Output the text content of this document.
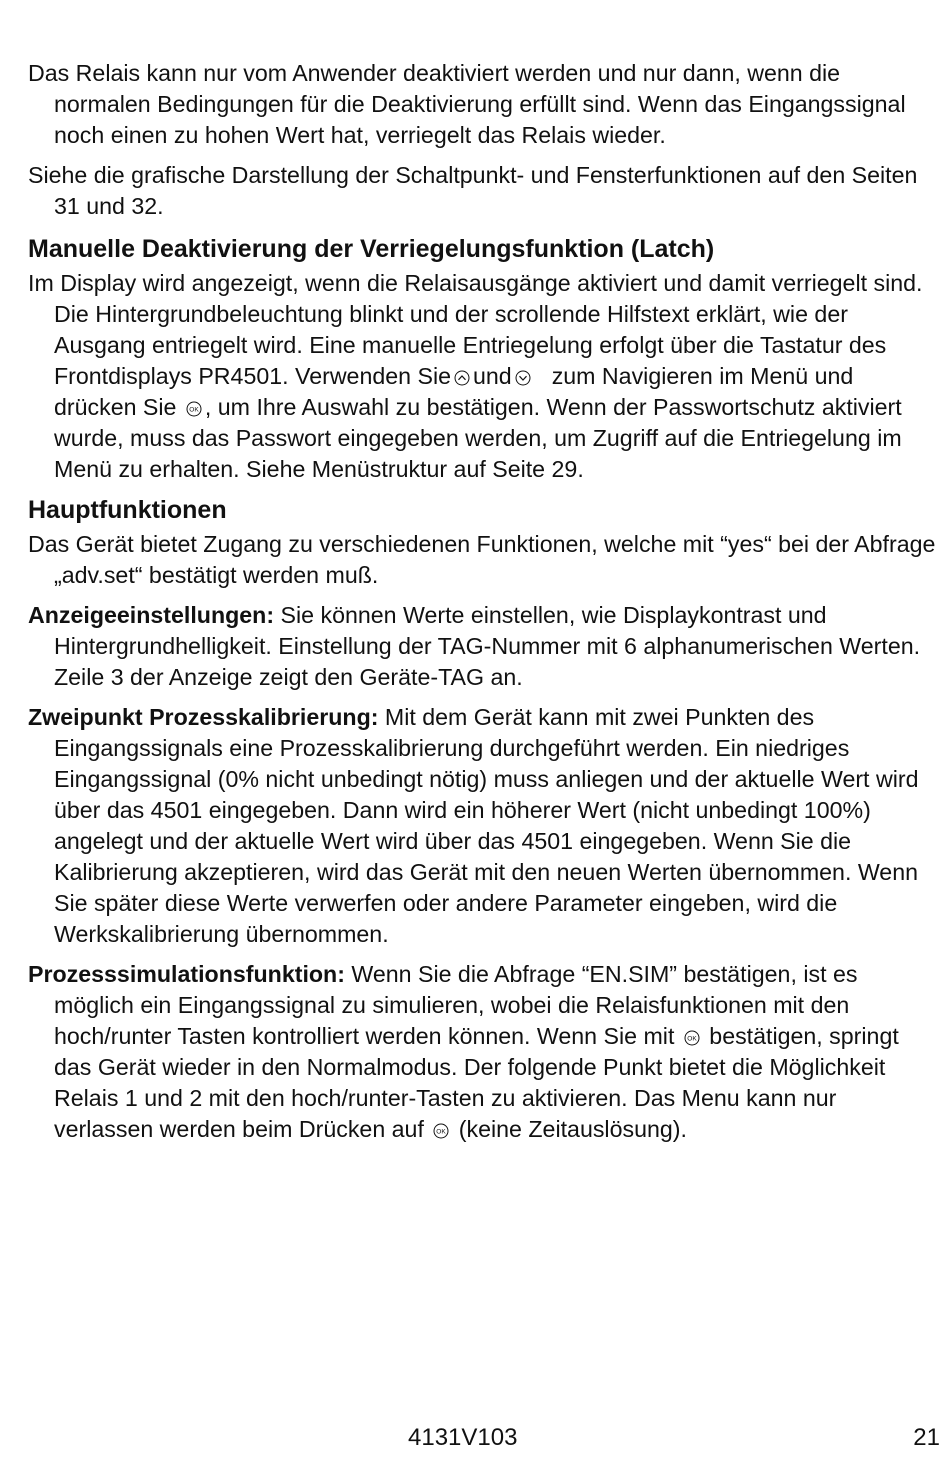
Das Relais kann nur vom Anwender deaktiviert werden und nur dann, wenn die normalen Bedingungen für die Deaktivierung erfüllt sind. Wenn das Eingangssignal noch einen zu hohen Wert hat, verriegelt das Relais wieder.

Siehe die grafische Darstellung der Schaltpunkt- und Fensterfunktionen auf den Seiten 31 und 32.

Manuelle Deaktivierung der Verriegelungsfunktion (Latch)

Im Display wird angezeigt, wenn die Relaisausgänge aktiviert und damit verriegelt sind. Die Hintergrundbeleuchtung blinkt und der scrollende Hilfstext erklärt, wie der Ausgang entriegelt wird. Eine manuelle Entriegelung erfolgt über die Tastatur des Frontdisplays PR4501. Verwenden Sie und zum Navigieren im Menü und drücken Sie OK , um Ihre Auswahl zu bestätigen. Wenn der Passwortschutz aktiviert wurde, muss das Passwort eingegeben werden, um Zugriff auf die Entriegelung im Menü zu erhalten. Siehe Menüstruktur auf Seite 29.

Hauptfunktionen

Das Gerät bietet Zugang zu verschiedenen Funktionen, welche mit “yes“ bei der Abfrage „adv.set“ bestätigt werden muß.

Anzeigeeinstellungen: Sie können Werte einstellen, wie Displaykontrast und Hintergrundhelligkeit. Einstellung der TAG-Nummer mit 6 alphanumerischen Werten. Zeile 3 der Anzeige zeigt den Geräte-TAG an.

Zweipunkt Prozesskalibrierung: Mit dem Gerät kann mit zwei Punkten des Eingangssignals eine Prozesskalibrierung durchgeführt werden. Ein niedriges Eingangssignal (0% nicht unbedingt nötig) muss anliegen und der aktuelle Wert wird über das 4501 eingegeben. Dann wird ein höherer Wert (nicht unbedingt 100%) angelegt und der aktuelle Wert wird über das 4501 eingegeben. Wenn Sie die Kalibrierung akzeptieren, wird das Gerät mit den neuen Werten übernommen. Wenn Sie später diese Werte verwerfen oder andere Parameter eingeben, wird die Werkskalibrierung übernommen.

Prozesssimulationsfunktion: Wenn Sie die Abfrage “EN.SIM” bestätigen, ist es möglich ein Eingangssignal zu simulieren, wobei die Relaisfunktionen mit den hoch/runter Tasten kontrolliert werden können. Wenn Sie mit OK bestätigen, springt das Gerät wieder in den Normalmodus. Der folgende Punkt bietet die Möglichkeit Relais 1 und 2 mit den hoch/runter-Tasten zu aktivieren. Das Menu kann nur verlassen werden beim Drücken auf OK (keine Zeitauslösung).

4131V103	21
